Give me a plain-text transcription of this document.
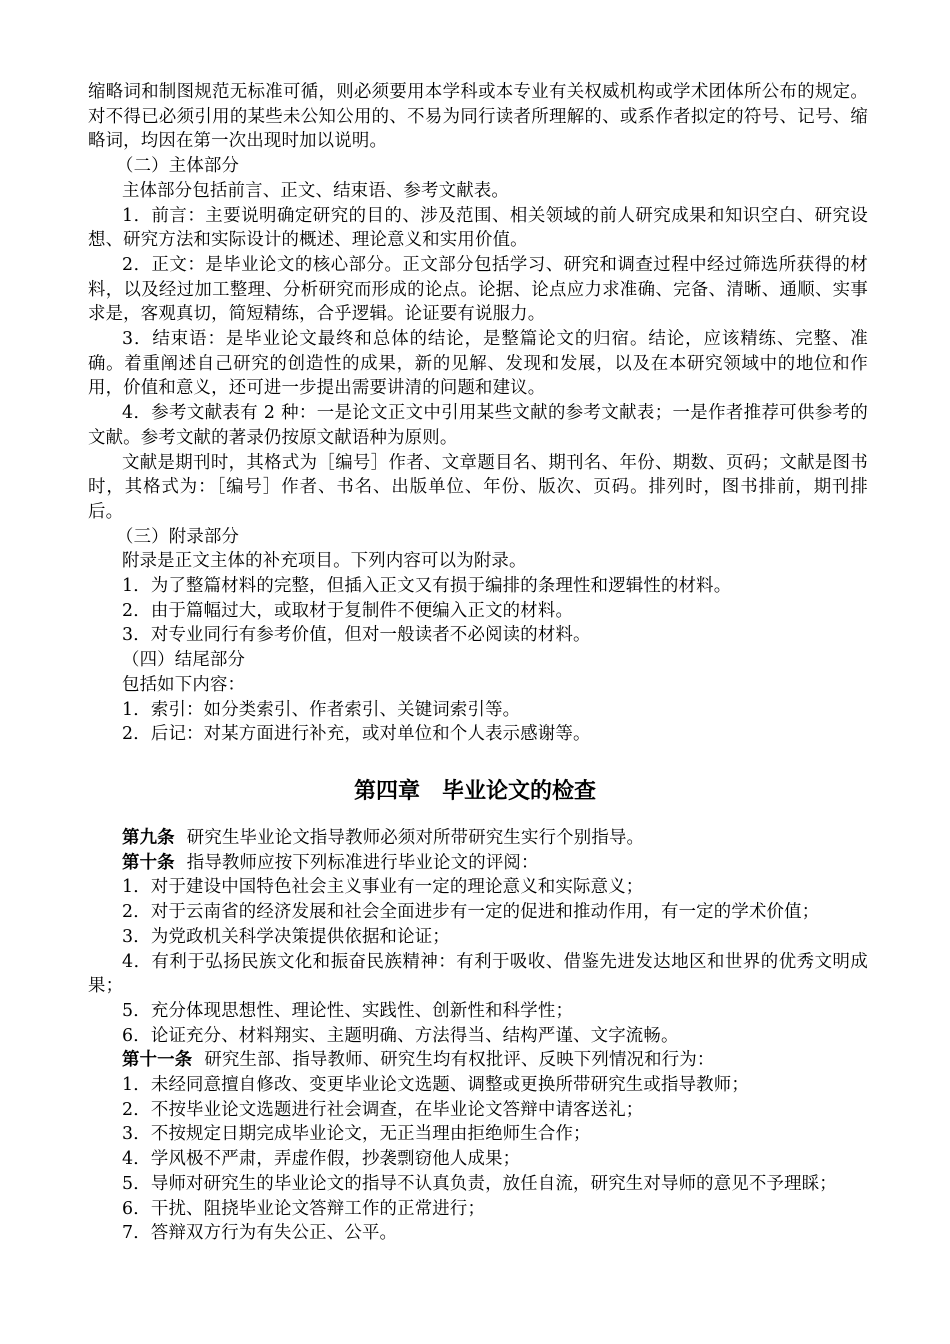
缩略词和制图规范无标准可循，则必须要用本学科或本专业有关权威机构或学术团体所公布的规定。对不得已必须引用的某些未公知公用的、不易为同行读者所理解的、或系作者拟定的符号、记号、缩略词，均因在第一次出现时加以说明。

（二）主体部分

主体部分包括前言、正文、结束语、参考文献表。

1．前言：主要说明确定研究的目的、涉及范围、相关领域的前人研究成果和知识空白、研究设想、研究方法和实际设计的概述、理论意义和实用价值。

2．正文：是毕业论文的核心部分。正文部分包括学习、研究和调查过程中经过筛选所获得的材料，以及经过加工整理、分析研究而形成的论点。论据、论点应力求准确、完备、清晰、通顺、实事求是，客观真切，简短精练，合乎逻辑。论证要有说服力。

3．结束语：是毕业论文最终和总体的结论，是整篇论文的归宿。结论，应该精练、完整、准确。着重阐述自己研究的创造性的成果，新的见解、发现和发展，以及在本研究领域中的地位和作用，价值和意义，还可进一步提出需要讲清的问题和建议。

4．参考文献表有 2 种：一是论文正文中引用某些文献的参考文献表；一是作者推荐可供参考的文献。参考文献的著录仍按原文献语种为原则。

文献是期刊时，其格式为［编号］作者、文章题目名、期刊名、年份、期数、页码；文献是图书时，其格式为：［编号］作者、书名、出版单位、年份、版次、页码。排列时，图书排前，期刊排后。

（三）附录部分

附录是正文主体的补充项目。下列内容可以为附录。

1．为了整篇材料的完整，但插入正文又有损于编排的条理性和逻辑性的材料。

2．由于篇幅过大，或取材于复制件不便编入正文的材料。

3．对专业同行有参考价值，但对一般读者不必阅读的材料。

（四）结尾部分

包括如下内容：

1．索引：如分类索引、作者索引、关键词索引等。

2．后记：对某方面进行补充，或对单位和个人表示感谢等。

第四章　毕业论文的检查

第九条 研究生毕业论文指导教师必须对所带研究生实行个别指导。

第十条 指导教师应按下列标准进行毕业论文的评阅：

1．对于建设中国特色社会主义事业有一定的理论意义和实际意义；

2．对于云南省的经济发展和社会全面进步有一定的促进和推动作用，有一定的学术价值；

3．为党政机关科学决策提供依据和论证；

4．有利于弘扬民族文化和振奋民族精神：有利于吸收、借鉴先进发达地区和世界的优秀文明成果；

5．充分体现思想性、理论性、实践性、创新性和科学性；

6．论证充分、材料翔实、主题明确、方法得当、结构严谨、文字流畅。

第十一条 研究生部、指导教师、研究生均有权批评、反映下列情况和行为：

1．未经同意擅自修改、变更毕业论文选题、调整或更换所带研究生或指导教师；

2．不按毕业论文选题进行社会调查，在毕业论文答辩中请客送礼；

3．不按规定日期完成毕业论文，无正当理由拒绝师生合作；

4．学风极不严肃，弄虚作假，抄袭剽窃他人成果；

5．导师对研究生的毕业论文的指导不认真负责，放任自流，研究生对导师的意见不予理睬；

6．干扰、阻挠毕业论文答辩工作的正常进行；

7．答辩双方行为有失公正、公平。
